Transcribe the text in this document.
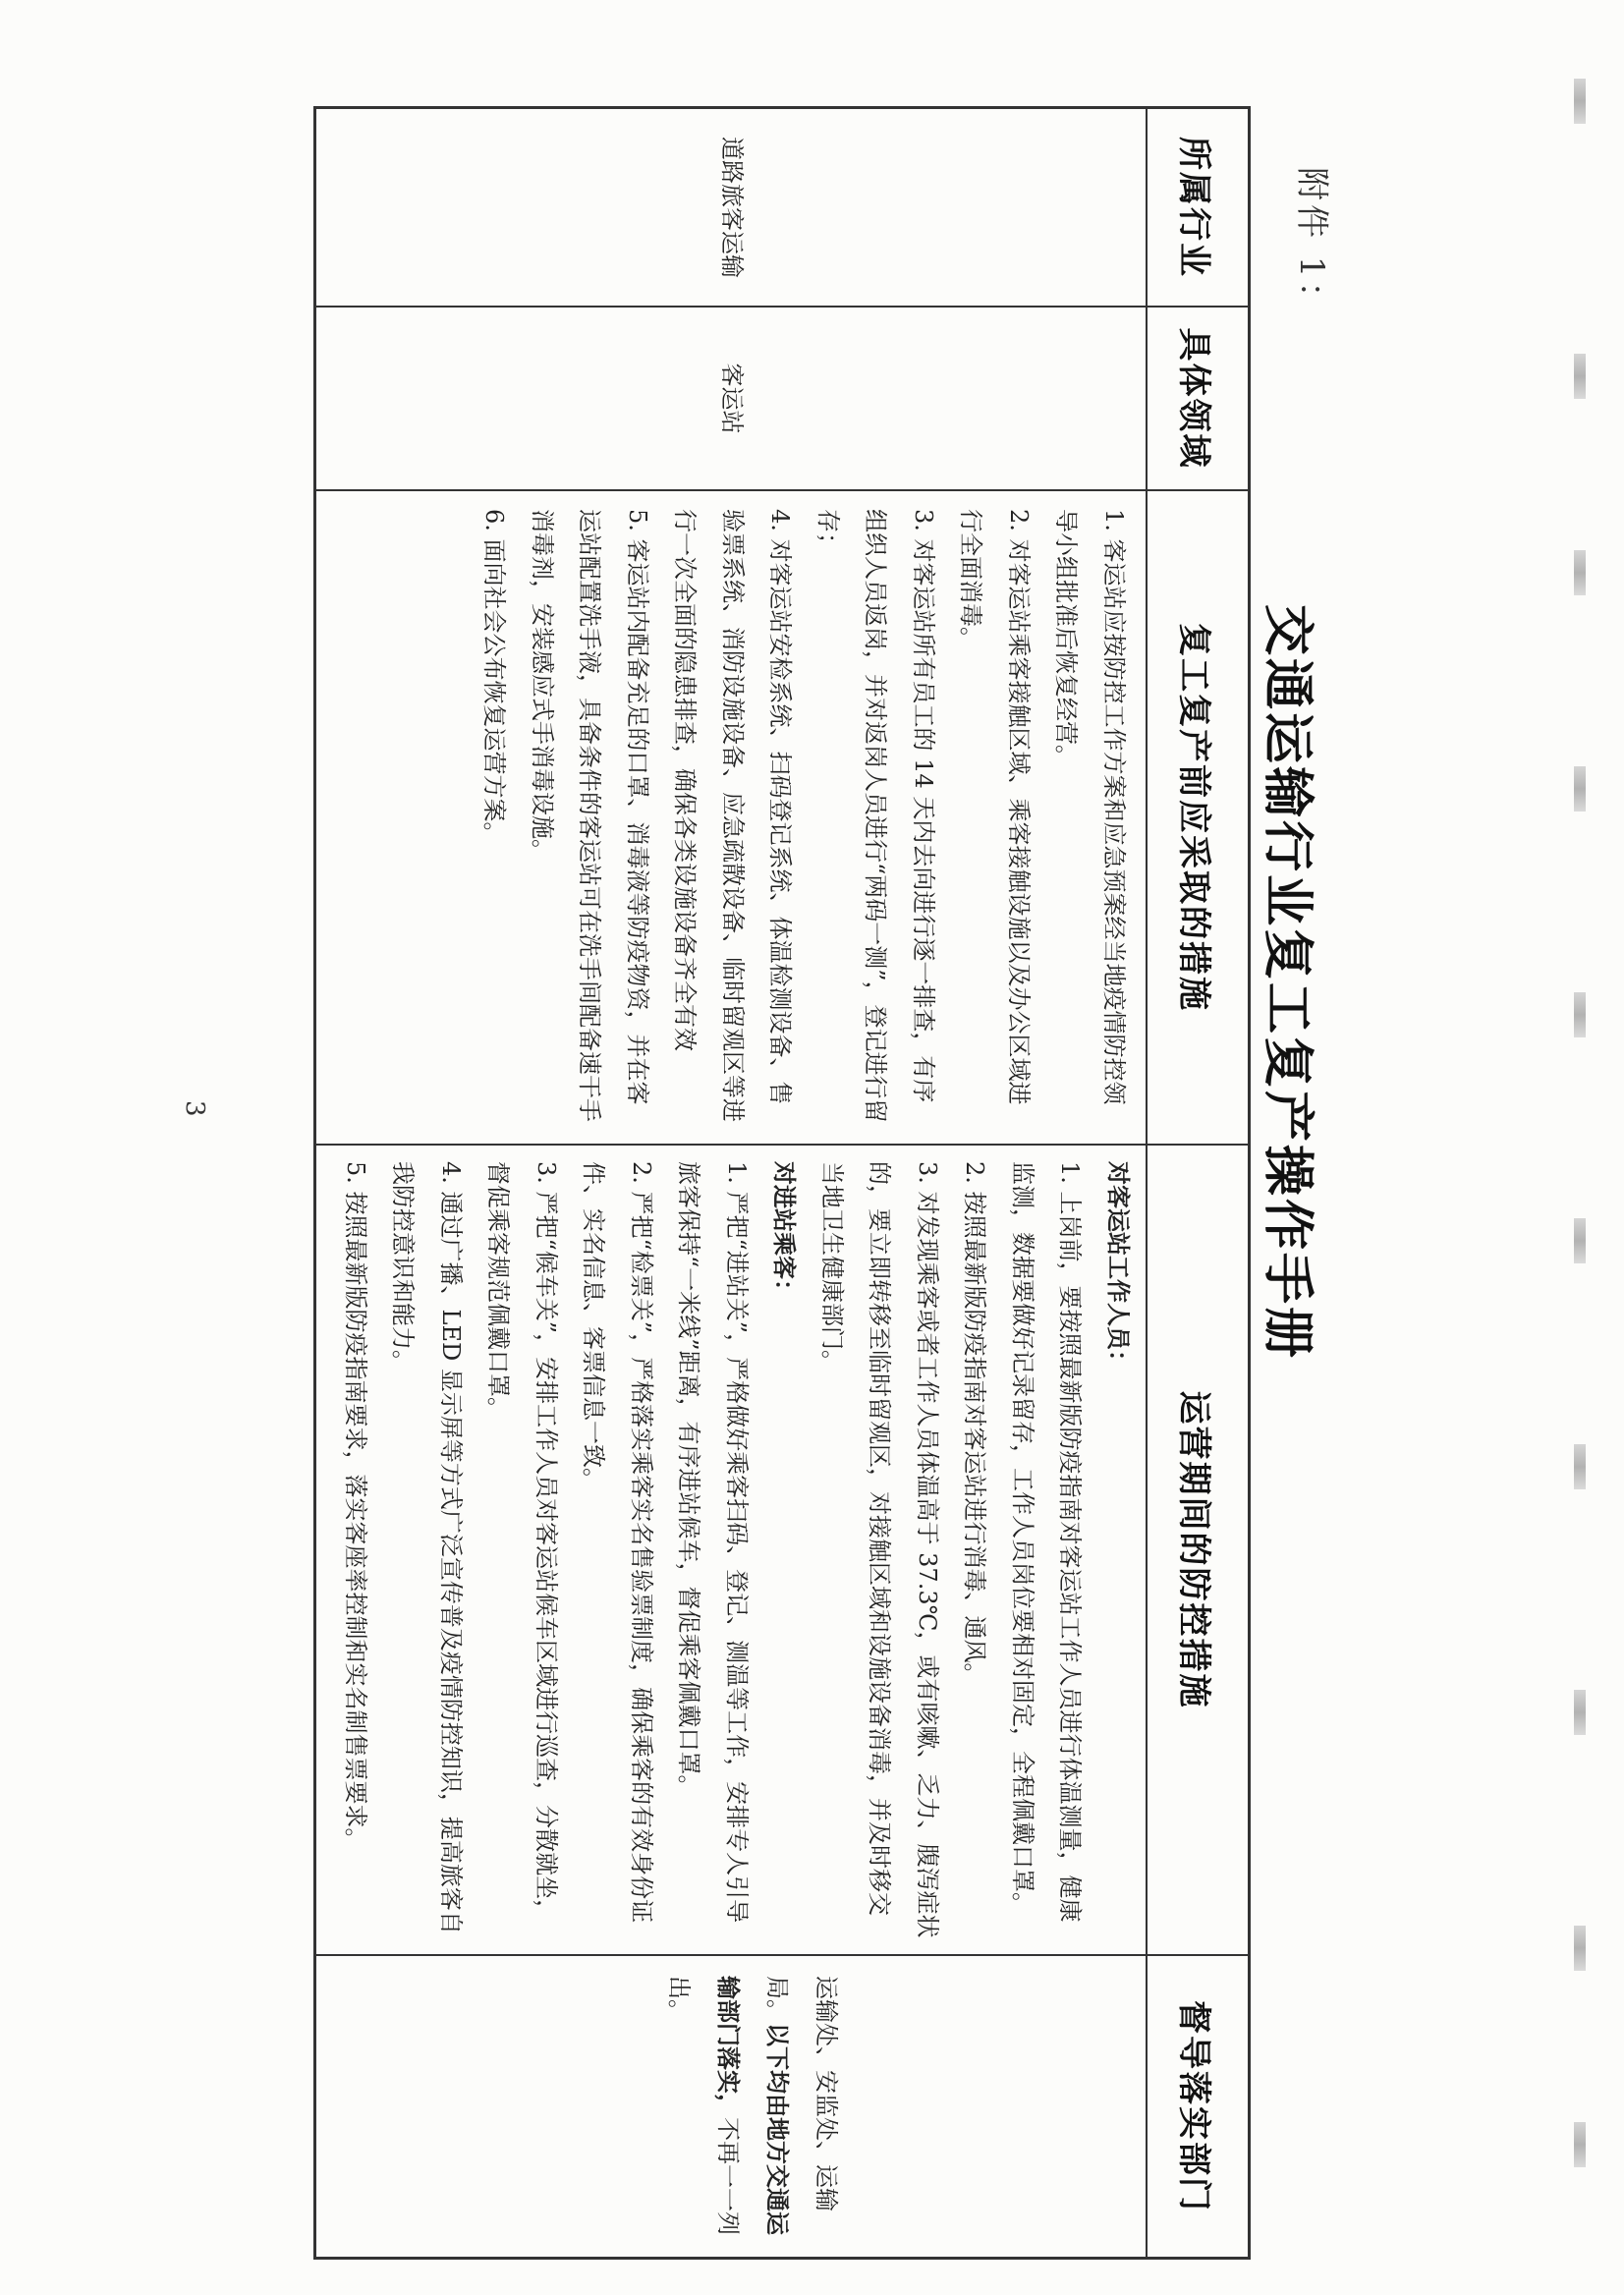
附件 1：
交通运输行业复工复产操作手册
所属行业
具体领域
复工复产前应采取的措施
运营期间的防控措施
督导落实部门
道路旅客运输
客运站
1. 客运站应按防控工作方案和应急预案经当地疫情防控领导小组批准后恢复经营。
2. 对客运站乘客接触区域、乘客接触设施以及办公区域进行全面消毒。
3. 对客运站所有员工的 14 天内去向进行逐一排查，有序组织人员返岗，并对返岗人员进行“两码一测”，登记进行留存；
4. 对客运站安检系统、扫码登记系统、体温检测设备、售验票系统、消防设施设备、应急疏散设备、临时留观区等进行一次全面的隐患排查，确保各类设施设备齐全有效
5. 客运站内配备充足的口罩、消毒液等防疫物资，并在客运站配置洗手液，具备条件的客运站可在洗手间配备速干手消毒剂，安装感应式手消毒设施。
6. 面向社会公布恢复运营方案。
对客运站工作人员：
1. 上岗前，要按照最新版防疫指南对客运站工作人员进行体温测量，健康监测，数据要做好记录留存，工作人员岗位要相对固定，全程佩戴口罩。
2. 按照最新版防疫指南对客运站进行消毒、通风。
3. 对发现乘客或者工作人员体温高于 37.3℃，或有咳嗽、乏力、腹泻症状的，要立即转移至临时留观区，对接触区域和设施设备消毒，并及时移交当地卫生健康部门。
对进站乘客：
1. 严把“进站关”，严格做好乘客扫码、登记、测温等工作，安排专人引导旅客保持“一米线”距离，有序进站候车，督促乘客佩戴口罩。
2. 严把“检票关”，严格落实乘客实名售验票制度，确保乘客的有效身份证件、实名信息、客票信息一致。
3. 严把“候车关”，安排工作人员对客运站候车区域进行巡查，分散就坐，督促乘客规范佩戴口罩。
4. 通过广播、LED 显示屏等方式广泛宣传普及疫情防控知识，提高旅客自我防控意识和能力。
5. 按照最新版防疫指南要求，落实客座率控制和实名制售票要求。
运输处、安监处、运输局。以下均由地方交通运输部门落实，不再一一列出。
3
